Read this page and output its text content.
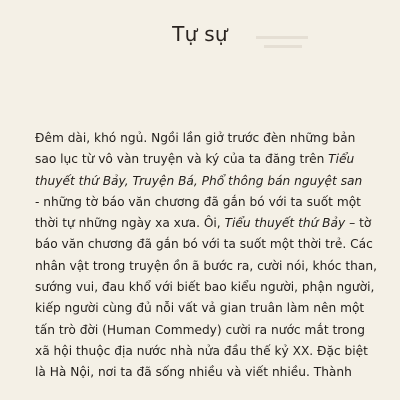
Tự sự
Đêm dài, khó ngủ. Ngồi lần giở trước đèn những bản
sao lục từ vô vàn truyện và ký của ta đăng trên Tiểu
thuyết thứ Bảy, Truyện Bá, Phổ thông bán nguyệt san
- những tờ báo văn chương đã gắn bó với ta suốt một
thời tự những ngày xa xưa. Ôi, Tiểu thuyết thứ Bảy – tờ
báo văn chương đã gắn bó với ta suốt một thời trẻ. Các
nhân vật trong truyện ồn ã bước ra, cười nói, khóc than,
sướng vui, đau khổ với biết bao kiểu người, phận người,
kiếp người cùng đủ nỗi vất vả gian truân làm nên một
tấn trò đời (Human Commedy) cười ra nước mắt trong
xã hội thuộc địa nước nhà nửa đầu thế kỷ XX. Đặc biệt
là Hà Nội, nơi ta đã sống nhiều và viết nhiều. Thành
